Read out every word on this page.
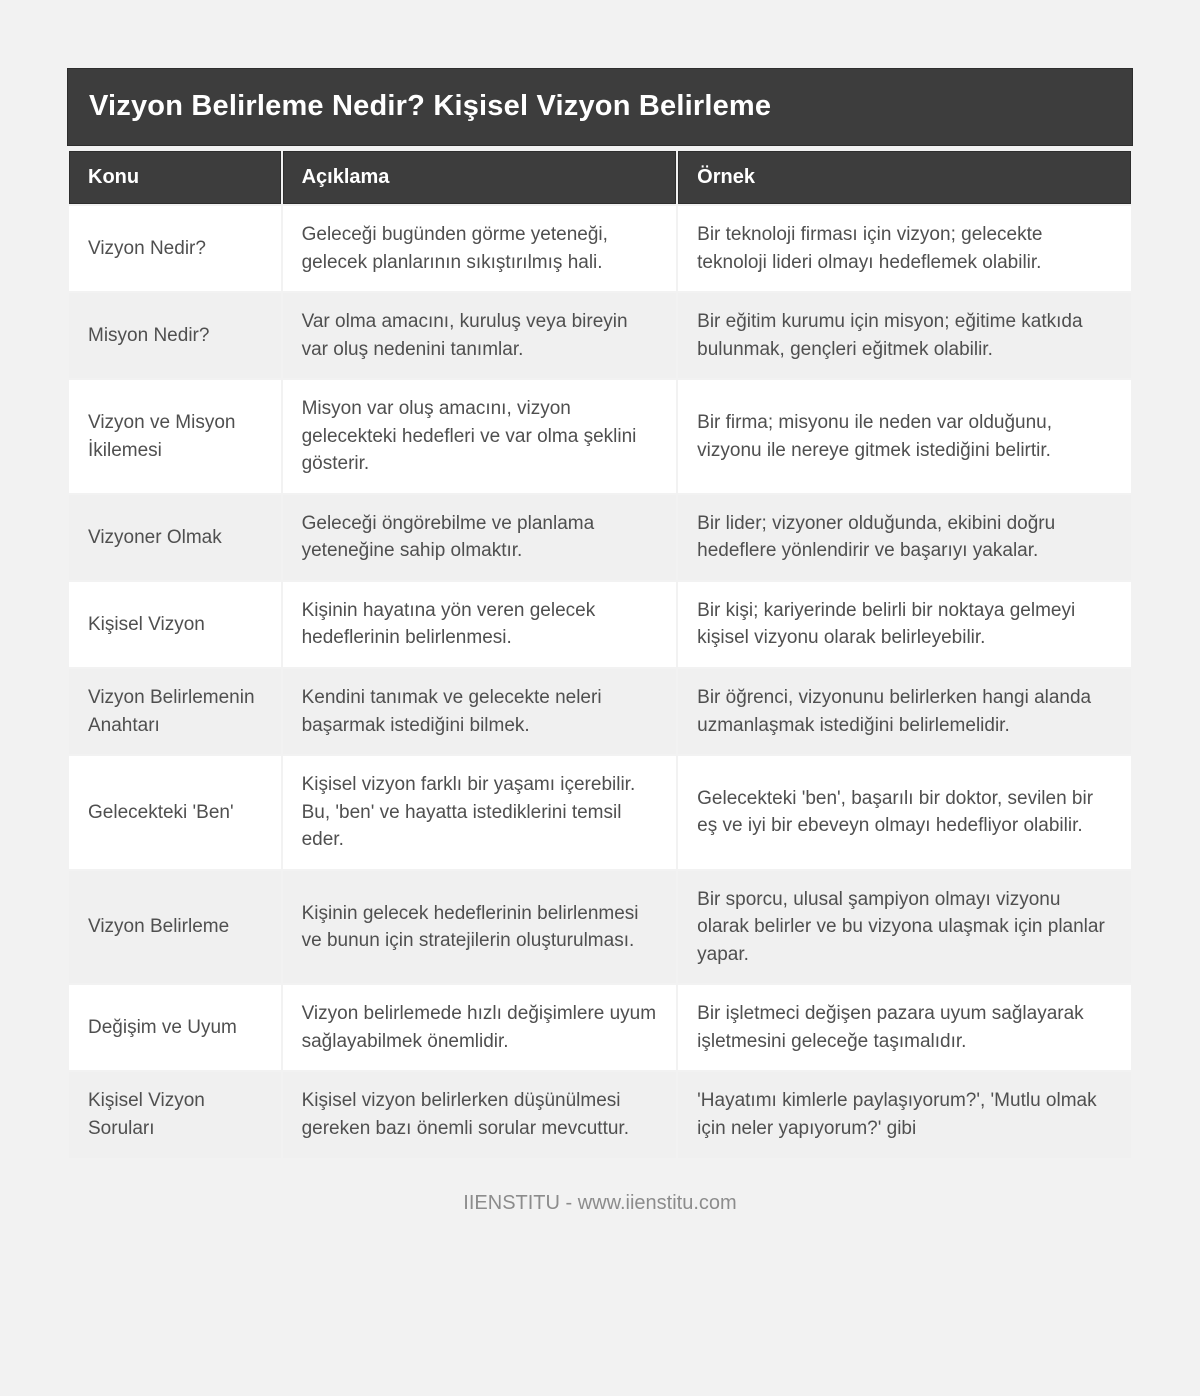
Vizyon Belirleme Nedir? Kişisel Vizyon Belirleme
Konu	Açıklama	Örnek
Vizyon Nedir?	Geleceği bugünden görme yeteneği, gelecek planlarının sıkıştırılmış hali.	Bir teknoloji firması için vizyon; gelecekte teknoloji lideri olmayı hedeflemek olabilir.
Misyon Nedir?	Var olma amacını, kuruluş veya bireyin var oluş nedenini tanımlar.	Bir eğitim kurumu için misyon; eğitime katkıda bulunmak, gençleri eğitmek olabilir.
Vizyon ve Misyon İkilemesi	Misyon var oluş amacını, vizyon gelecekteki hedefleri ve var olma şeklini gösterir.	Bir firma; misyonu ile neden var olduğunu, vizyonu ile nereye gitmek istediğini belirtir.
Vizyoner Olmak	Geleceği öngörebilme ve planlama yeteneğine sahip olmaktır.	Bir lider; vizyoner olduğunda, ekibini doğru hedeflere yönlendirir ve başarıyı yakalar.
Kişisel Vizyon	Kişinin hayatına yön veren gelecek hedeflerinin belirlenmesi.	Bir kişi; kariyerinde belirli bir noktaya gelmeyi kişisel vizyonu olarak belirleyebilir.
Vizyon Belirlemenin Anahtarı	Kendini tanımak ve gelecekte neleri başarmak istediğini bilmek.	Bir öğrenci, vizyonunu belirlerken hangi alanda uzmanlaşmak istediğini belirlemelidir.
Gelecekteki 'Ben'	Kişisel vizyon farklı bir yaşamı içerebilir. Bu, 'ben' ve hayatta istediklerini temsil eder.	Gelecekteki 'ben', başarılı bir doktor, sevilen bir eş ve iyi bir ebeveyn olmayı hedefliyor olabilir.
Vizyon Belirleme	Kişinin gelecek hedeflerinin belirlenmesi ve bunun için stratejilerin oluşturulması.	Bir sporcu, ulusal şampiyon olmayı vizyonu olarak belirler ve bu vizyona ulaşmak için planlar yapar.
Değişim ve Uyum	Vizyon belirlemede hızlı değişimlere uyum sağlayabilmek önemlidir.	Bir işletmeci değişen pazara uyum sağlayarak işletmesini geleceğe taşımalıdır.
Kişisel Vizyon Soruları	Kişisel vizyon belirlerken düşünülmesi gereken bazı önemli sorular mevcuttur.	'Hayatımı kimlerle paylaşıyorum?', 'Mutlu olmak için neler yapıyorum?' gibi
IIENSTITU - www.iienstitu.com
